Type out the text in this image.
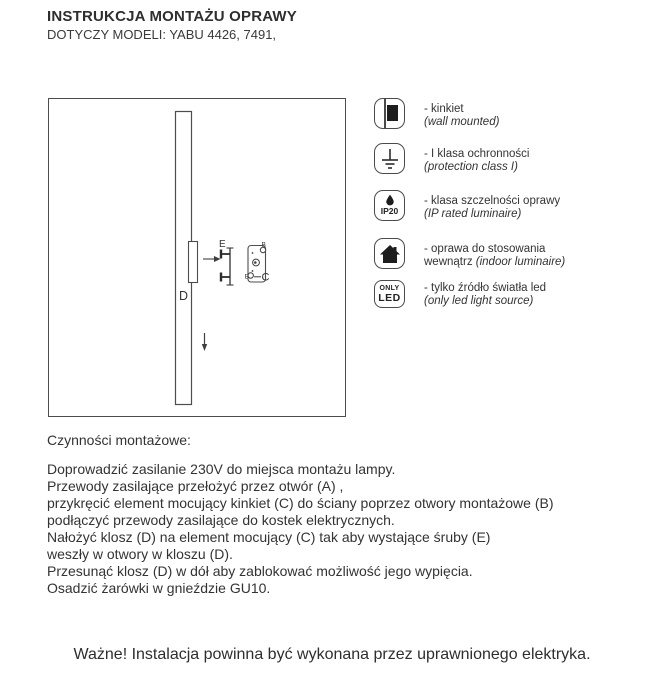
INSTRUKCJA MONTAŻU OPRAWY
DOTYCZY MODELI: YABU 4426, 7491,
D
E	B
B C
- kinkiet
(wall mounted)
- I klasa ochronności
(protection class I)
IP20
- klasa szczelności oprawy
(IP rated luminaire)
- oprawa do stosowania
wewnątrz (indoor luminaire)
ONLY
LED
- tylko źródło światła led
(only led light source)
Czynności montażowe:
Doprowadzić zasilanie 230V do miejsca montażu lampy.
Przewody zasilające przełożyć przez otwór (A) ,
przykręcić element mocujący kinkiet (C) do ściany poprzez otwory montażowe (B)
podłączyć przewody zasilające do kostek elektrycznych.
Nałożyć klosz (D) na element mocujący (C) tak aby wystające śruby (E)
weszły w otwory w kloszu (D).
Przesunąć klosz (D) w dół aby zablokować możliwość jego wypięcia.
Osadzić żarówki w gnieździe GU10.
Ważne! Instalacja powinna być wykonana przez uprawnionego elektryka.
